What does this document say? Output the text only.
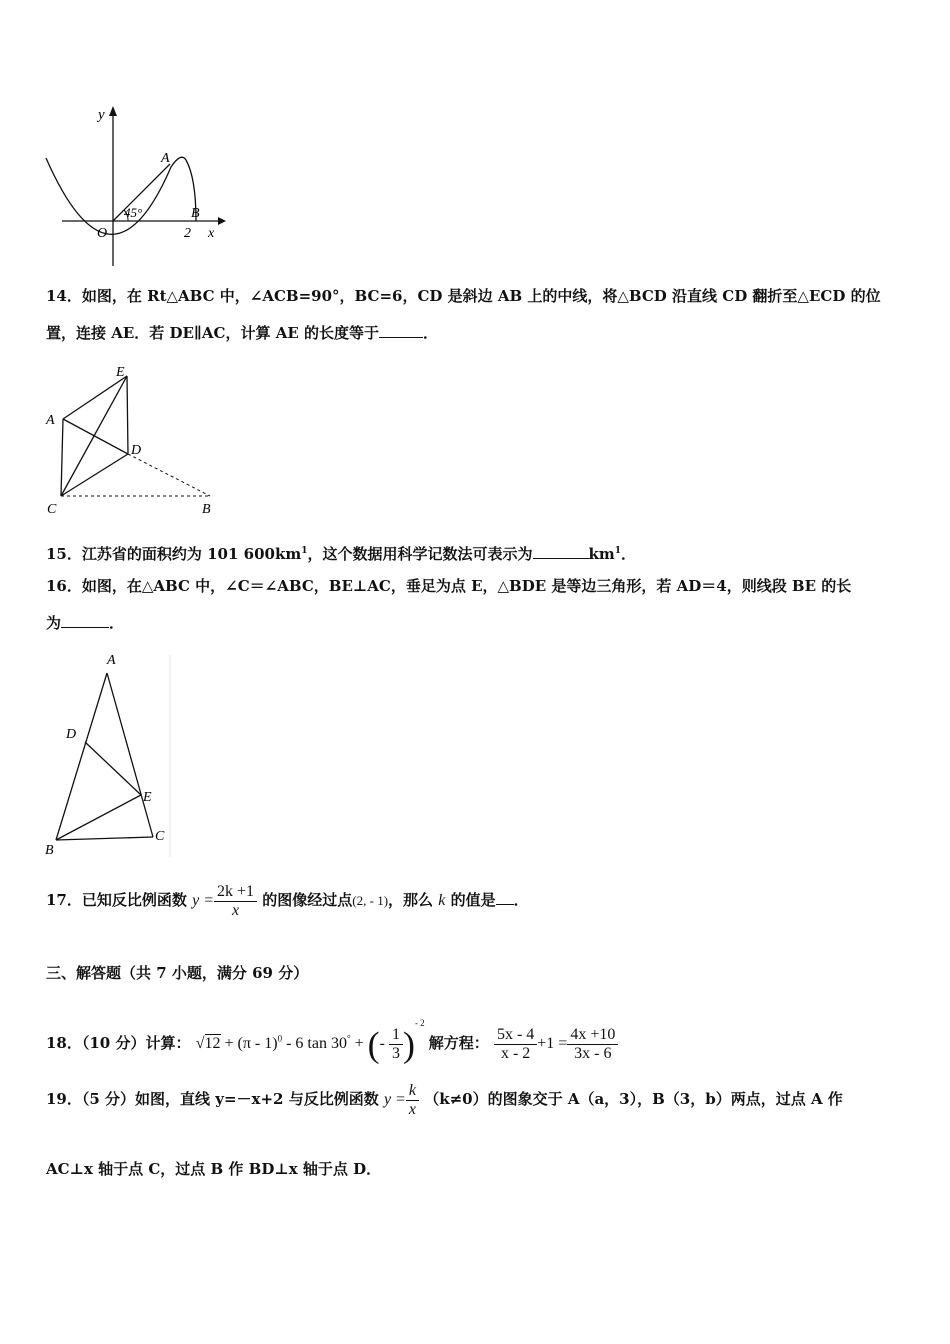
y
A
45°	B
O	2 x
14．如图，在 Rt△ABC 中，∠ACB=90°，BC=6，CD 是斜边 AB 上的中线，将△BCD 沿直线 CD 翻折至△ECD 的位
置，连接 AE．若 DE∥AC，计算 AE 的长度等于	．
E
A
D
C	B
15．江苏省的面积约为 101 $600km^1$，这个数据用科学记数法可表示为	$km^1$．
16．如图，在△ABC 中，∠C＝∠ABC，BE⊥AC，垂足为点 E，△BDE 是等边三角形，若 AD＝4，则线段 BE 的长
为	．
A
D
E
B
C
17．已知反比例函数 $y = \frac{2k +1}{x}$ 的图像经过点(2, - 1)，那么 k 的值是 ．
三、解答题（共 7 小题，满分 69 分）
18．（10 分）计算： √12 + (π - 1)$^0$ - 6 tan 30° + (- $\frac{1}{3} )^{- 2}$ 解方程： $\frac{5x - 4}{x - 2} +1 = \frac{4x +10}{3x - 6}$
19．（5 分）如图，直线 y=－x+2 与反比例函数 $y = \frac{k}{x} (k\ne 0)$的图象交于 A（a，3），B（3，b）两点，过点 A 作
AC⊥x 轴于点 C，过点 B 作 BD⊥x 轴于点 D．
